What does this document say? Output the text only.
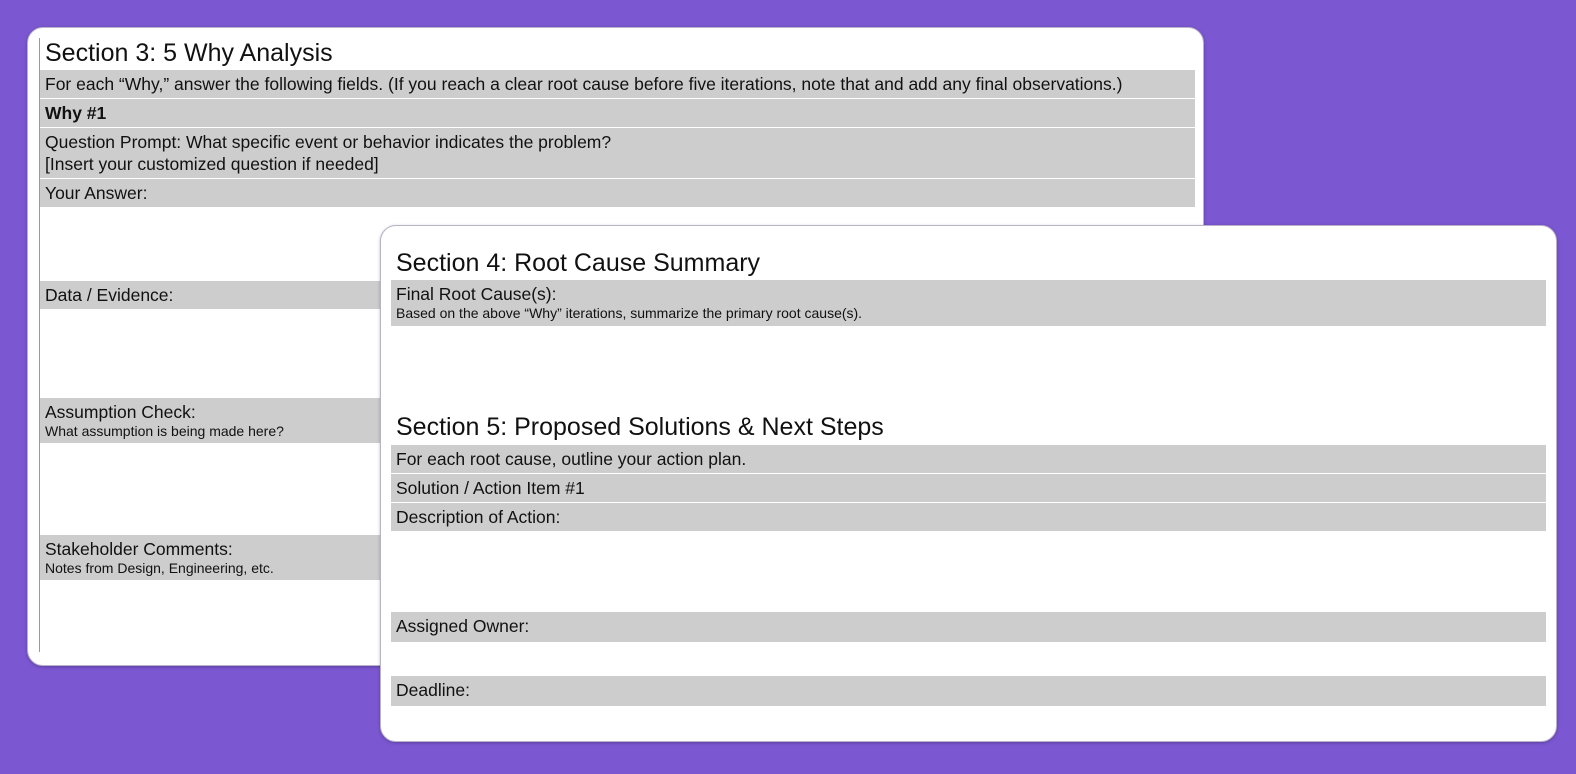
Section 3: 5 Why Analysis
For each “Why,” answer the following fields. (If you reach a clear root cause before five iterations, note that and add any final observations.)
Why #1
Question Prompt: What specific event or behavior indicates the problem?
[Insert your customized question if needed]
Your Answer:
Data / Evidence:
Assumption Check:
What assumption is being made here?
Stakeholder Comments:
Notes from Design, Engineering, etc.
Section 4: Root Cause Summary
Final Root Cause(s):
Based on the above “Why” iterations, summarize the primary root cause(s).
Section 5: Proposed Solutions & Next Steps
For each root cause, outline your action plan.
Solution / Action Item #1
Description of Action:
Assigned Owner:
Deadline:
